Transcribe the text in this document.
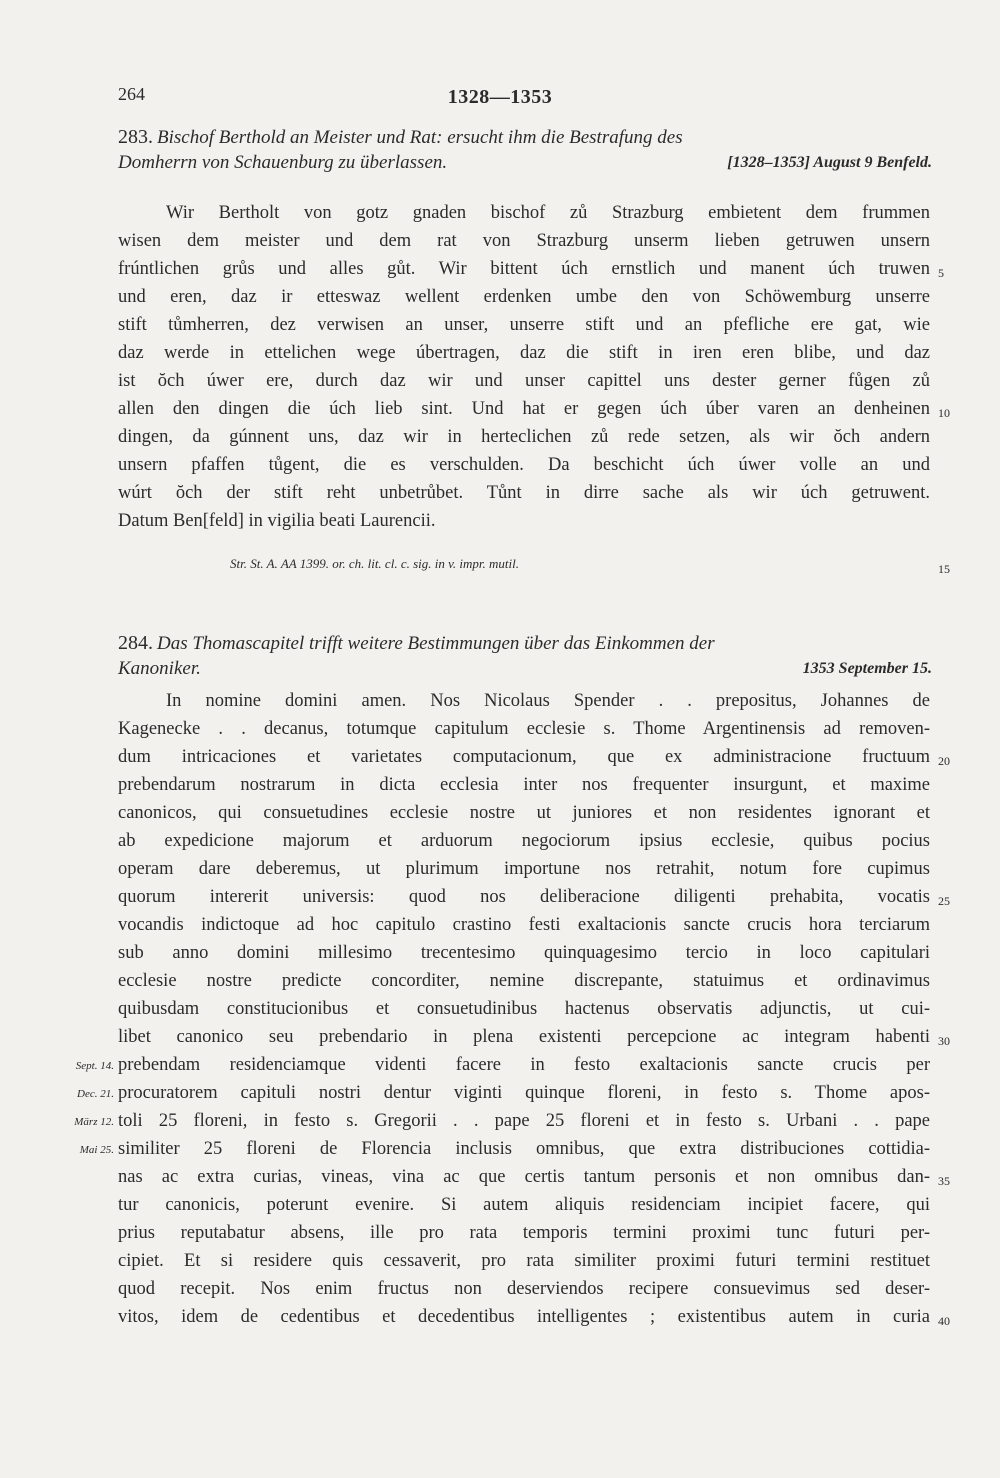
264	1328—1353
283. Bischof Berthold an Meister und Rat: ersucht ihm die Bestrafung des
Domherrn von Schauenburg zu überlassen.	[1328–1353] August 9 Benfeld.
Wir Bertholt von gotz gnaden bischof zů Strazburg embietent dem frummen
wisen dem meister und dem rat von Strazburg unserm lieben getruwen unsern
frúntlichen grůs und alles gůt. Wir bittent úch ernstlich und manent úch truwen
und eren, daz ir etteswaz wellent erdenken umbe den von Schöwemburg unserre
stift tůmherren, dez verwisen an unser, unserre stift und an pfefliche ere gat, wie
daz werde in ettelichen wege úbertragen, daz die stift in iren eren blibe, und daz
ist ŏch úwer ere, durch daz wir und unser capittel uns dester gerner fůgen zů
allen den dingen die úch lieb sint. Und hat er gegen úch úber varen an denheinen
dingen, da gúnnent uns, daz wir in herteclichen zů rede setzen, als wir ŏch andern
unsern pfaffen tůgent, die es verschulden. Da beschicht úch úwer volle an und
wúrt ŏch der stift reht unbetrůbet. Tůnt in dirre sache als wir úch getruwent.
Datum Ben[feld] in vigilia beati Laurencii.
Str. St. A. AA 1399. or. ch. lit. cl. c. sig. in v. impr. mutil.
284. Das Thomascapitel trifft weitere Bestimmungen über das Einkommen der
Kanoniker.	1353 September 15.
In nomine domini amen. Nos Nicolaus Spender . . prepositus, Johannes de
Kagenecke . . decanus, totumque capitulum ecclesie s. Thome Argentinensis ad removen-
dum intricaciones et varietates computacionum, que ex administracione fructuum
prebendarum nostrarum in dicta ecclesia inter nos frequenter insurgunt, et maxime
canonicos, qui consuetudines ecclesie nostre ut juniores et non residentes ignorant et
ab expedicione majorum et arduorum negociorum ipsius ecclesie, quibus pocius
operam dare deberemus, ut plurimum importune nos retrahit, notum fore cupimus
quorum intererit universis: quod nos deliberacione diligenti prehabita, vocatis
vocandis indictoque ad hoc capitulo crastino festi exaltacionis sancte crucis hora terciarum
sub anno domini millesimo trecentesimo quinquagesimo tercio in loco capitulari
ecclesie nostre predicte concorditer, nemine discrepante, statuimus et ordinavimus
quibusdam constitucionibus et consuetudinibus hactenus observatis adjunctis, ut cui-
libet canonico seu prebendario in plena existenti percepcione ac integram habenti
prebendam residenciamque videnti facere in festo exaltacionis sancte crucis per
procuratorem capituli nostri dentur viginti quinque floreni, in festo s. Thome apos-
toli 25 floreni, in festo s. Gregorii . . pape 25 floreni et in festo s. Urbani . . pape
similiter 25 floreni de Florencia inclusis omnibus, que extra distribuciones cottidia-
nas ac extra curias, vineas, vina ac que certis tantum personis et non omnibus dan-
tur canonicis, poterunt evenire. Si autem aliquis residenciam incipiet facere, qui
prius reputabatur absens, ille pro rata temporis termini proximi tunc futuri per-
cipiet. Et si residere quis cessaverit, pro rata similiter proximi futuri termini restituet
quod recepit. Nos enim fructus non deserviendos recipere consuevimus sed deser-
vitos, idem de cedentibus et decedentibus intelligentes ; existentibus autem in curia
5
10
15
20
25
30
35
40
Sept. 14.
Dec. 21.
März 12.
Mai 25.
